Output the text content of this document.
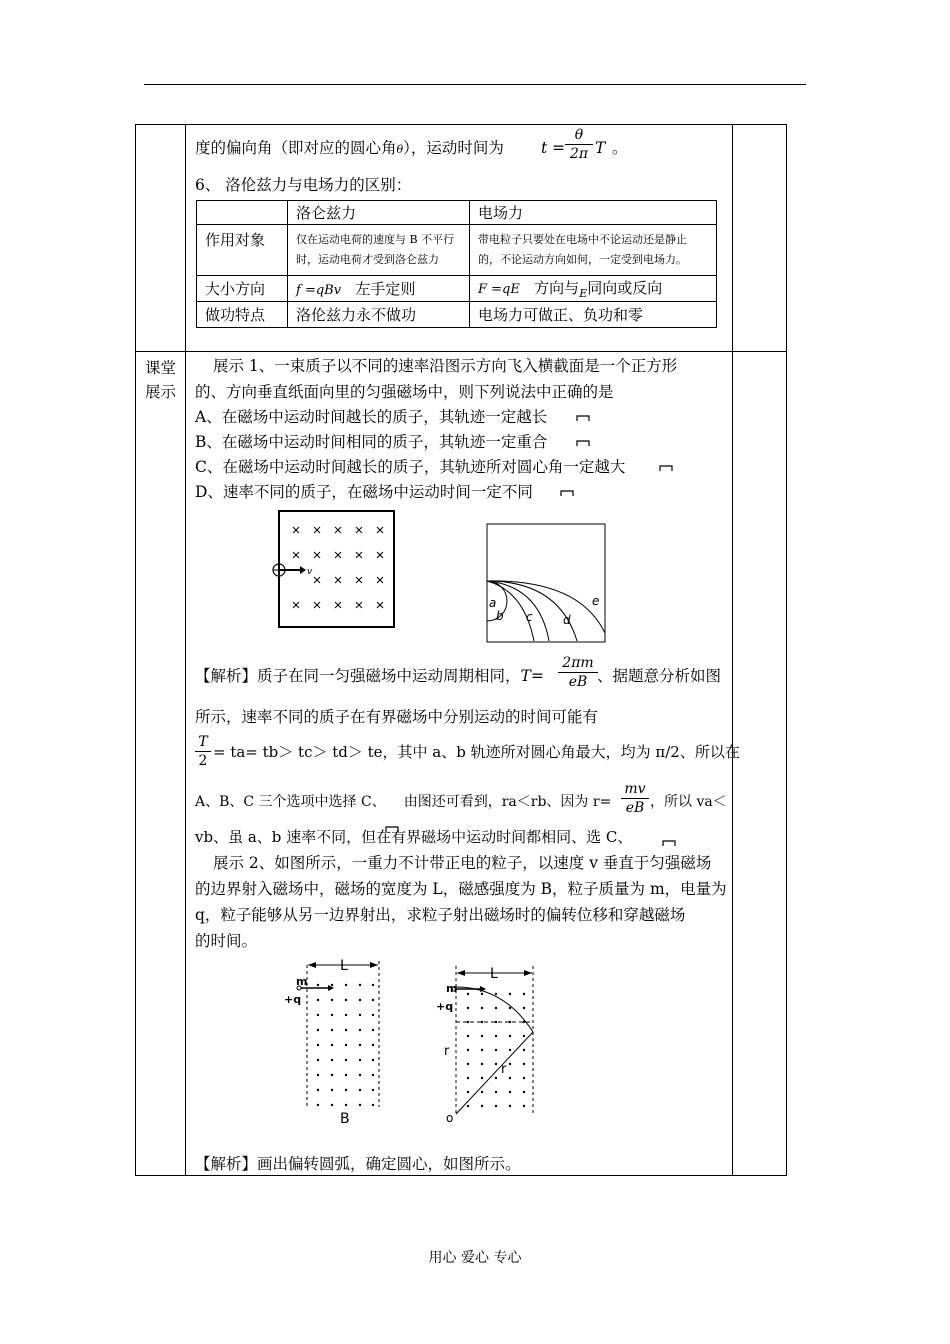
度的偏向角（即对应的圆心角θ），运动时间为 t =
θ
2π T 。
6、 洛伦兹力与电场力的区别：
	洛仑兹力	电场力
作用对象	仅在运动电荷的速度与 B 不平行时，运动电荷才受到洛仑兹力	带电粒子只要处在电场中不论运动还是静止的，不论运动方向如何，一定受到电场力。
大小方向	f =qBv 左手定则	F =qE 方向与$_E$同向或反向
做功特点	洛伦兹力永不做功	电场力可做正、负功和零
课堂
展示
展示 1、一束质子以不同的速率沿图示方向飞入横截面是一个正方形
的、方向垂直纸面向里的匀强磁场中，则下列说法中正确的是
A、在磁场中运动时间越长的质子，其轨迹一定越长
B、在磁场中运动时间相同的质子，其轨迹一定重合
C、在磁场中运动时间越长的质子，其轨迹所对圆心角一定越大
D、速率不同的质子，在磁场中运动时间一定不同
v
a
b c	d
e
【解析】质子在同一匀强磁场中运动周期相同，T=
2πm
eB 、据题意分析如图
所示，速率不同的质子在有界磁场中分别运动的时间可能有
T
2 = ta= tb＞ tc＞ td＞ te，其中 a、b 轨迹所对圆心角最大，均为 π/2、所以在
A、B、C 三个选项中选择 C、 由图还可看到，ra＜rb、因为 r=
mv
eB ，所以 va＜
vb、虽 a、b 速率不同，但在有界磁场中运动时间都相同、选 C、
展示 2、如图所示，一重力不计带正电的粒子，以速度 v 垂直于匀强磁场
的边界射入磁场中，磁场的宽度为 L，磁感强度为 B，粒子质量为 m，电量为
q，粒子能够从另一边界射出，求粒子射出磁场时的偏转位移和穿越磁场
的时间。
L
m
+q
B
L
m
+q
r
r
o
【解析】画出偏转圆弧，确定圆心，如图所示。
用心 爱心 专心
